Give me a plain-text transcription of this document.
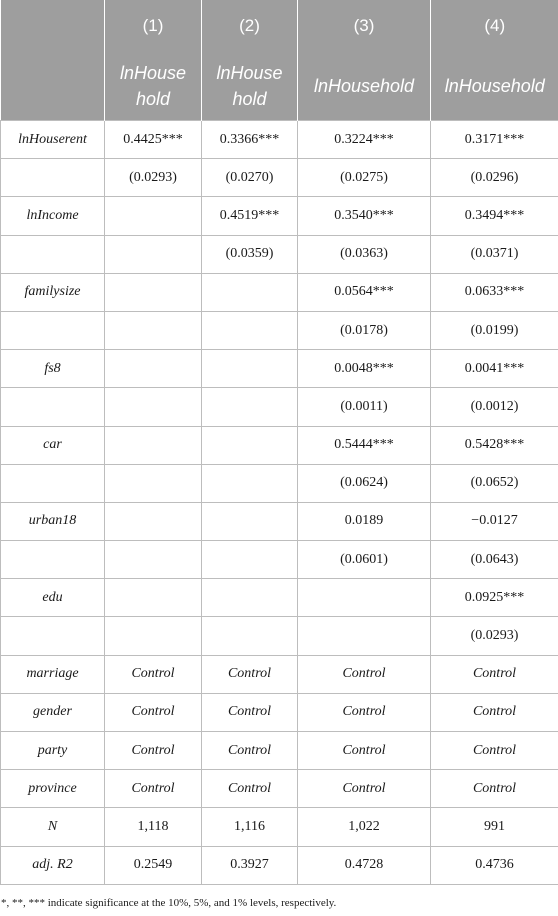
	(1)	(2)	(3)	(4)
	lnHouse hold	lnHouse hold	lnHousehold	lnHousehold
lnHouserent	0.4425***	0.3366***	0.3224***	0.3171***
	(0.0293)	(0.0270)	(0.0275)	(0.0296)
lnIncome		0.4519***	0.3540***	0.3494***
		(0.0359)	(0.0363)	(0.0371)
familysize			0.0564***	0.0633***
			(0.0178)	(0.0199)
fs8			0.0048***	0.0041***
			(0.0011)	(0.0012)
car			0.5444***	0.5428***
			(0.0624)	(0.0652)
urban18			0.0189	−0.0127
			(0.0601)	(0.0643)
edu				0.0925***
				(0.0293)
marriage	Control	Control	Control	Control
gender	Control	Control	Control	Control
party	Control	Control	Control	Control
province	Control	Control	Control	Control
N	1,118	1,116	1,022	991
adj. R2	0.2549	0.3927	0.4728	0.4736
*, **, *** indicate significance at the 10%, 5%, and 1% levels, respectively.
